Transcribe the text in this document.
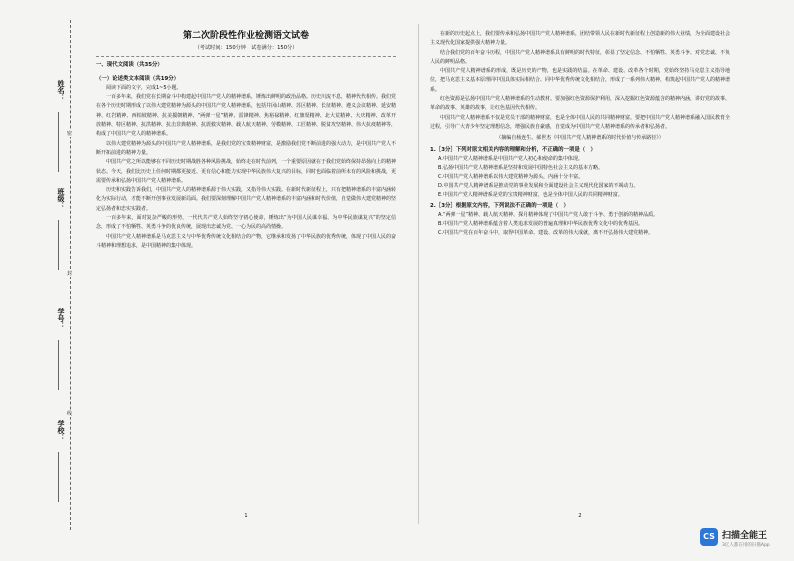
姓名：
班级：
学号：
学校：
密
封
线
第二次阶段性作业检测语文试卷
（考试时间：150分钟　试卷满分：150分）
一、现代文阅读（共35分）
（一）论述类文本阅读（共19分）

阅读下面的文字，完成1~5小题。

一百多年来，我们党在长期奋斗中构建起中国共产党人的精神谱系，锤炼出鲜明的政治品格。历史川流不息，精神代代相传。我们党在各个历史时期形成了以伟大建党精神为源头的中国共产党人精神谱系，包括井冈山精神、苏区精神、长征精神、遵义会议精神、延安精神、红岩精神、西柏坡精神、抗美援朝精神、“两弹一星”精神、雷锋精神、焦裕禄精神、红旗渠精神、北大荒精神、大庆精神、改革开放精神、特区精神、抗洪精神、抗击非典精神、抗震救灾精神、载人航天精神、劳模精神、工匠精神、脱贫攻坚精神、伟大抗疫精神等，构成了中国共产党人的精神谱系。

以伟大建党精神为源头的中国共产党人精神谱系，是我们党的宝贵精神财富，是激励我们党不断前进的强大动力，是中国共产党人不断开拓前进的精神力量。

中国共产党之所以能够在不同历史时期战胜各种风险挑战，始终走在时代前列，一个重要原因就在于我们党始终保持昂扬向上的精神状态。今天，我们比历史上任何时期都更接近、更有信心和能力实现中华民族伟大复兴的目标，同时也面临着前所未有的风险和挑战，更需要传承和弘扬中国共产党人精神谱系。

历史和实践告诉我们，中国共产党人的精神谱系源于伟大实践，又指导伟大实践。在新时代新征程上，只有把精神谱系的丰富内涵转化为实际行动，才能不断开创事业发展新局面。我们要深刻理解中国共产党人精神谱系的丰富内涵和时代价值，自觉做伟大建党精神的坚定弘扬者和忠实实践者。

一百多年来，面对复杂严峻的形势，一代代共产党人始终坚守初心使命，锤炼出“为中国人民谋幸福、为中华民族谋复兴”的坚定信念，形成了不怕牺牲、英勇斗争的优良传统，展现出忠诚为党、一心为民的高尚情操。

中国共产党人精神谱系是马克思主义与中华优秀传统文化相结合的产物，它继承和发扬了中华民族的优秀传统，体现了中国人民的奋斗精神和理想追求，是中国精神的集中体现。

1

在新的历史起点上，我们要传承和弘扬中国共产党人精神谱系，团结带领人民在新时代新征程上创造新的伟大业绩，为全面建设社会主义现代化国家提供强大精神力量。

结合我们党的百年奋斗历程，中国共产党人精神谱系具有鲜明的时代特征，彰显了坚定信念、不怕牺牲、英勇斗争、对党忠诚、不负人民的鲜明品格。

中国共产党人精神谱系的形成，既是历史的产物，也是实践的结晶。在革命、建设、改革各个时期，党始终坚持马克思主义指导地位，把马克思主义基本原理同中国具体实际相结合、同中华优秀传统文化相结合，形成了一系列伟大精神，构筑起中国共产党人的精神谱系。

红色资源是弘扬中国共产党人精神谱系的生动教材。要加强红色资源保护利用，深入挖掘红色资源蕴含的精神内涵，讲好党的故事、革命的故事、英雄的故事，让红色基因代代相传。

中国共产党人精神谱系不仅是党员干部的精神财富，也是全体中国人民的共同精神财富。要把中国共产党人精神谱系融入国民教育全过程，引导广大青少年坚定理想信念，增强民族自豪感，自觉成为中国共产党人精神谱系的传承者和弘扬者。

（摘编自杨连生、郝世杰《中国共产党人精神谱系的时代价值与传承路径》）
1.［3分］下列对原文相关内容的理解和分析，不正确的一项是（　）
A.中国共产党人精神谱系是中国共产党人初心和使命的集中体现。
B.弘扬中国共产党人精神谱系是坚持和发展中国特色社会主义的基本方略。
C.中国共产党人精神谱系以伟大建党精神为源头，内涵十分丰富。
D.中国共产党人精神谱系是推动党的事业发展和全面建设社会主义现代化国家的不竭动力。
E.中国共产党人精神谱系是党的宝贵精神财富，也是全体中国人民的共同精神财富。
2.［3分］根据原文内容，下列说法不正确的一项是（　）
A.“两弹一星”精神、载人航天精神、探月精神体现了中国共产党人敢于斗争、勇于创新的精神品质。
B.中国共产党人精神谱系蕴含着人类追求发展的普遍真理和中华民族优秀文化中的优秀基因。
C.中国共产党在百年奋斗中，取得中国革命、建设、改革的伟大成就，离不开弘扬伟大建党精神。
2
CS 扫描全能王
3亿人都在用的扫描App
